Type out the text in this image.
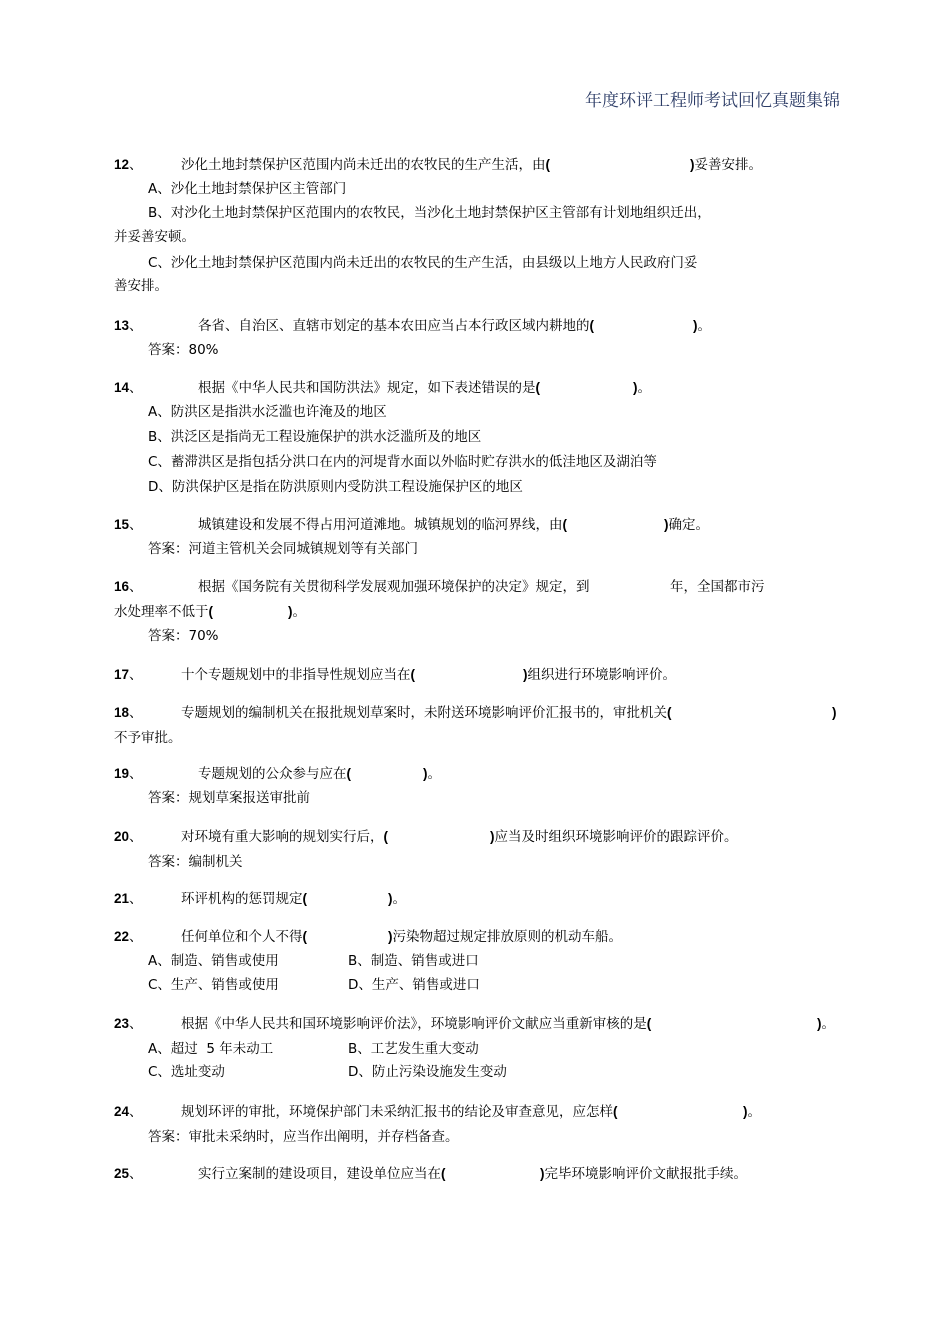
年度环评工程师考试回忆真题集锦
12、	沙化土地封禁保护区范围内尚未迁出的农牧民的生产生活，由(	)妥善安排。
A、沙化土地封禁保护区主管部门
B、对沙化土地封禁保护区范围内的农牧民，当沙化土地封禁保护区主管部有计划地组织迁出，
并妥善安顿。
C、沙化土地封禁保护区范围内尚未迁出的农牧民的生产生活，由县级以上地方人民政府门妥
善安排。
13、	各省、自治区、直辖市划定的基本农田应当占本行政区域内耕地的(	)。
答案：80%
14、	根据《中华人民共和国防洪法》规定，如下表述错误的是(	)。
A、防洪区是指洪水泛滥也许淹及的地区
B、洪泛区是指尚无工程设施保护的洪水泛滥所及的地区
C、蓄滞洪区是指包括分洪口在内的河堤背水面以外临时贮存洪水的低洼地区及湖泊等
D、防洪保护区是指在防洪原则内受防洪工程设施保护区的地区
15、	城镇建设和发展不得占用河道滩地。城镇规划的临河界线，由(	)确定。
答案：河道主管机关会同城镇规划等有关部门
16、	根据《国务院有关贯彻科学发展观加强环境保护的决定》规定，到	年，全国都市污
水处理率不低于(	)。
答案：70%
17、	十个专题规划中的非指导性规划应当在(	)组织进行环境影响评价。
18、	专题规划的编制机关在报批规划草案时，未附送环境影响评价汇报书的，审批机关(	)
不予审批。
19、	专题规划的公众参与应在(	)。
答案：规划草案报送审批前
20、	对环境有重大影响的规划实行后，(	)应当及时组织环境影响评价的跟踪评价。
答案：编制机关
21、	环评机构的惩罚规定(	)。
22、	任何单位和个人不得(	)污染物超过规定排放原则的机动车船。
A、制造、销售或使用	B、制造、销售或进口
C、生产、销售或使用	D、生产、销售或进口
23、	根据《中华人民共和国环境影响评价法》，环境影响评价文献应当重新审核的是(	)。
A、超过  5 年未动工	B、工艺发生重大变动
C、选址变动	D、防止污染设施发生变动
24、	规划环评的审批，环境保护部门未采纳汇报书的结论及审查意见，应怎样(	)。
答案：审批未采纳时，应当作出阐明，并存档备查。
25、	实行立案制的建设项目，建设单位应当在(	)完毕环境影响评价文献报批手续。
